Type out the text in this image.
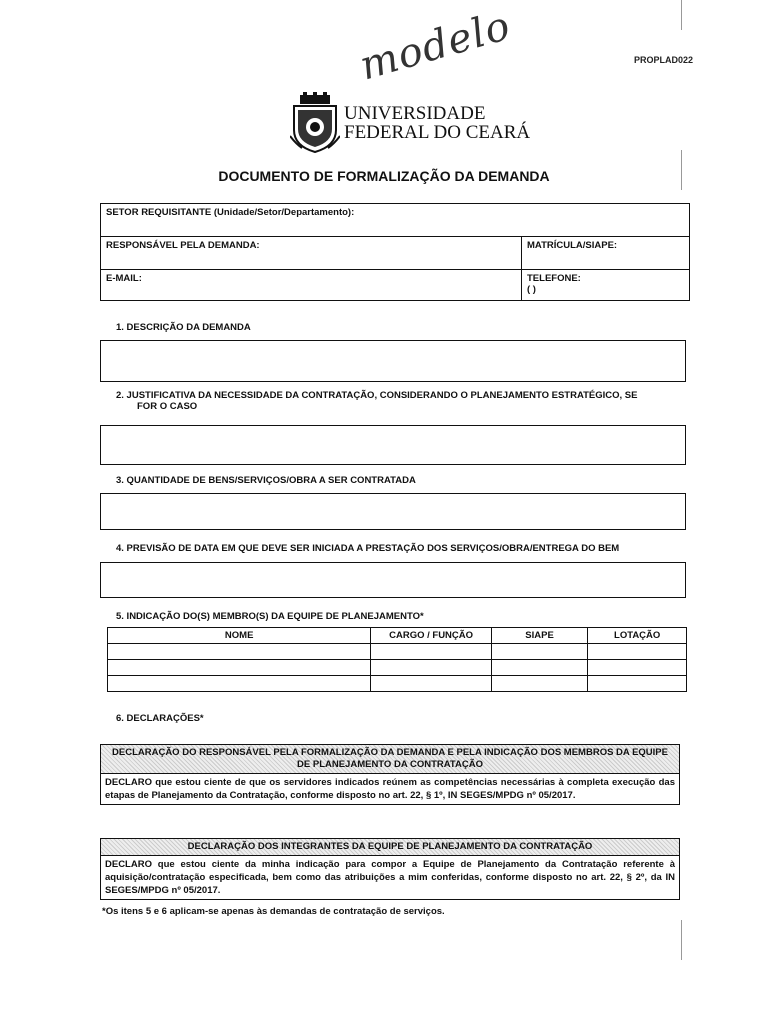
modelo	PROPLAD022
UNIVERSIDADE
FEDERAL DO CEARÁ
DOCUMENTO DE FORMALIZAÇÃO DA DEMANDA
SETOR REQUISITANTE (Unidade/Setor/Departamento):	
RESPONSÁVEL PELA DEMANDA:	MATRÍCULA/SIAPE:
E-MAIL:	TELEFONE:
( )
1. DESCRIÇÃO DA DEMANDA
2. JUSTIFICATIVA DA NECESSIDADE DA CONTRATAÇÃO, CONSIDERANDO O PLANEJAMENTO ESTRATÉGICO, SE
FOR O CASO
3. QUANTIDADE DE BENS/SERVIÇOS/OBRA A SER CONTRATADA
4. PREVISÃO DE DATA EM QUE DEVE SER INICIADA A PRESTAÇÃO DOS SERVIÇOS/OBRA/ENTREGA DO BEM
5. INDICAÇÃO DO(S) MEMBRO(S) DA EQUIPE DE PLANEJAMENTO*
NOME	CARGO / FUNÇÃO	SIAPE	LOTAÇÃO

6. DECLARAÇÕES*
DECLARAÇÃO DO RESPONSÁVEL PELA FORMALIZAÇÃO DA DEMANDA E PELA INDICAÇÃO DOS MEMBROS DA EQUIPE DE PLANEJAMENTO DA CONTRATAÇÃO
DECLARO que estou ciente de que os servidores indicados reúnem as competências necessárias à completa execução das etapas de Planejamento da Contratação, conforme disposto no art. 22, § 1º, IN SEGES/MPDG nº 05/2017.
DECLARAÇÃO DOS INTEGRANTES DA EQUIPE DE PLANEJAMENTO DA CONTRATAÇÃO
DECLARO que estou ciente da minha indicação para compor a Equipe de Planejamento da Contratação referente à aquisição/contratação especificada, bem como das atribuições a mim conferidas, conforme disposto no art. 22, § 2º, da IN SEGES/MPDG nº 05/2017.
*Os itens 5 e 6 aplicam-se apenas às demandas de contratação de serviços.
